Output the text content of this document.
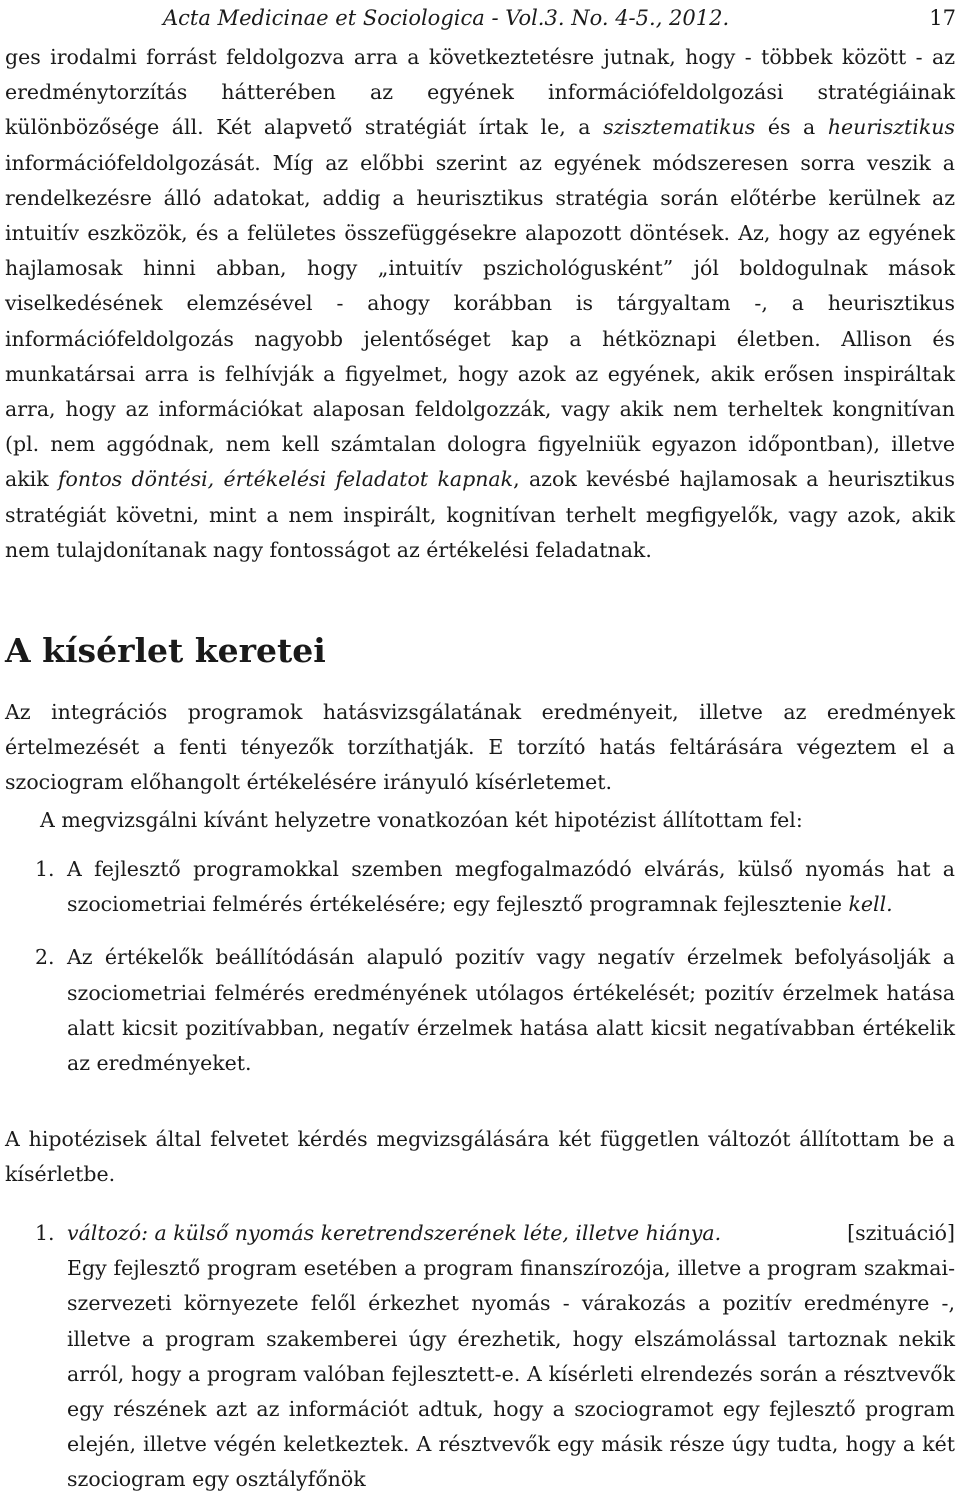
Acta Medicinae et Sociologica - Vol.3. No. 4-5., 2012.	17

ges irodalmi forrást feldolgozva arra a következtetésre jutnak, hogy - többek között - az eredménytorzítás hátterében az egyének információfeldolgozási stratégiáinak különbözősége áll. Két alapvető stratégiát írtak le, a szisztematikus és a heurisztikus információfeldolgozását. Míg az előbbi szerint az egyének módszeresen sorra veszik a rendelkezésre álló adatokat, addig a heurisztikus stratégia során előtérbe kerülnek az intuitív eszközök, és a felületes összefüggésekre alapozott döntések. Az, hogy az egyének hajlamosak hinni abban, hogy „intuitív pszichológusként” jól boldogulnak mások viselkedésének elemzésével - ahogy korábban is tárgyaltam -, a heurisztikus információfeldolgozás nagyobb jelentőséget kap a hétköznapi életben. Allison és munkatársai arra is felhívják a figyelmet, hogy azok az egyének, akik erősen inspiráltak arra, hogy az információkat alaposan feldolgozzák, vagy akik nem terheltek kongnitívan (pl. nem aggódnak, nem kell számtalan dologra figyelniük egyazon időpontban), illetve akik fontos döntési, értékelési feladatot kapnak, azok kevésbé hajlamosak a heurisztikus stratégiát követni, mint a nem inspirált, kognitívan terhelt megfigyelők, vagy azok, akik nem tulajdonítanak nagy fontosságot az értékelési feladatnak.

A kísérlet keretei

Az integrációs programok hatásvizsgálatának eredményeit, illetve az eredmények értelmezését a fenti tényezők torzíthatják. E torzító hatás feltárására végeztem el a szociogram előhangolt értékelésére irányuló kísérletemet.

A megvizsgálni kívánt helyzetre vonatkozóan két hipotézist állítottam fel:

1. A fejlesztő programokkal szemben megfogalmazódó elvárás, külső nyomás hat a szociometriai felmérés értékelésére; egy fejlesztő programnak fejlesztenie kell.
2. Az értékelők beállítódásán alapuló pozitív vagy negatív érzelmek befolyásolják a szociometriai felmérés eredményének utólagos értékelését; pozitív érzelmek hatása alatt kicsit pozitívabban, negatív érzelmek hatása alatt kicsit negatívabban értékelik az eredményeket.

A hipotézisek által felvetet kérdés megvizsgálására két független változót állítottam be a kísérletbe.

1.	[szituáció]
változó: a külső nyomás keretrendszerének léte, illetve hiánya.
Egy fejlesztő program esetében a program finanszírozója, illetve a program szakmai-szervezeti környezete felől érkezhet nyomás - várakozás a pozitív eredményre -, illetve a program szakemberei úgy érezhetik, hogy elszámolással tartoznak nekik arról, hogy a program valóban fejlesztett-e. A kísérleti elrendezés során a résztvevők egy részének azt az információt adtuk, hogy a szociogramot egy fejlesztő program elején, illetve végén keletkeztek. A résztvevők egy másik része úgy tudta, hogy a két szociogram egy osztályfőnök
